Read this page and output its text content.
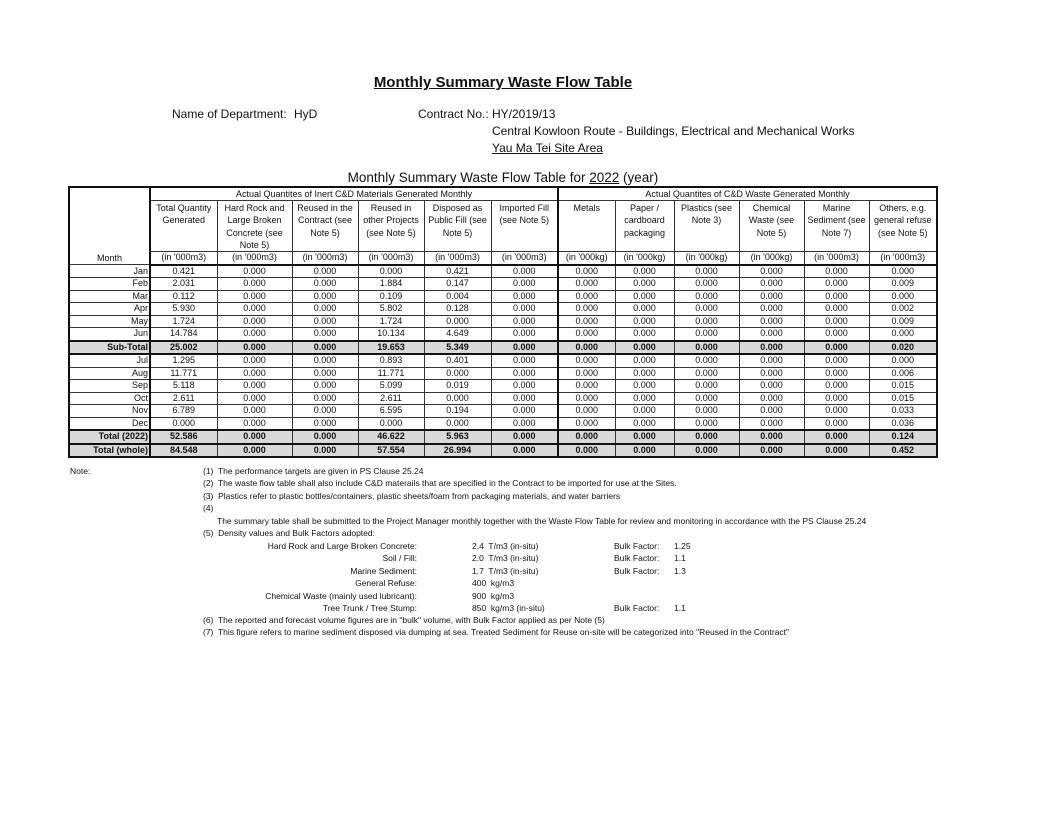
Monthly Summary Waste Flow Table
Name of Department: HyD	Contract No.: HY/2019/13
Central Kowloon Route - Buildings, Electrical and Mechanical Works
Yau Ma Tei Site Area
Monthly Summary Waste Flow Table for 2022 (year)
Month	Actual Quantites of Inert C&D Materials Generated Monthly						Actual Quantites of C&D Waste Generated Monthly					
	Total Quantity Generated	Hard Rock and Large Broken Concrete (see Note 5)	Reused in the Contract (see Note 5)	Reused in other Projects (see Note 5)	Disposed as Public Fill (see Note 5)	Imported Fill (see Note 5)	Metals	Paper / cardboard packaging	Plastics (see Note 3)	Chemical Waste (see Note 5)	Marine Sediment (see Note 7)	Others, e.g. general refuse (see Note 5)
	(in '000m3)	(in '000m3)	(in '000m3)	(in '000m3)	(in '000m3)	(in '000m3)	(in '000kg)	(in '000kg)	(in '000kg)	(in '000kg)	(in '000m3)	(in '000m3)
Jan	0.421	0.000	0.000	0.000	0.421	0.000	0.000	0.000	0.000	0.000	0.000	0.000
Feb	2.031	0.000	0.000	1.884	0.147	0.000	0.000	0.000	0.000	0.000	0.000	0.009
Mar	0.112	0.000	0.000	0.109	0.004	0.000	0.000	0.000	0.000	0.000	0.000	0.000
Apr	5.930	0.000	0.000	5.802	0.128	0.000	0.000	0.000	0.000	0.000	0.000	0.002
May	1.724	0.000	0.000	1.724	0.000	0.000	0.000	0.000	0.000	0.000	0.000	0.009
Jun	14.784	0.000	0.000	10.134	4.649	0.000	0.000	0.000	0.000	0.000	0.000	0.000
Sub-Total	25.002	0.000	0.000	19.653	5.349	0.000	0.000	0.000	0.000	0.000	0.000	0.020
Jul	1.295	0.000	0.000	0.893	0.401	0.000	0.000	0.000	0.000	0.000	0.000	0.000
Aug	11.771	0.000	0.000	11.771	0.000	0.000	0.000	0.000	0.000	0.000	0.000	0.006
Sep	5.118	0.000	0.000	5.099	0.019	0.000	0.000	0.000	0.000	0.000	0.000	0.015
Oct	2.611	0.000	0.000	2.611	0.000	0.000	0.000	0.000	0.000	0.000	0.000	0.015
Nov	6.789	0.000	0.000	6.595	0.194	0.000	0.000	0.000	0.000	0.000	0.000	0.033
Dec	0.000	0.000	0.000	0.000	0.000	0.000	0.000	0.000	0.000	0.000	0.000	0.036
Total (2022)	52.586	0.000	0.000	46.622	5.963	0.000	0.000	0.000	0.000	0.000	0.000	0.124
Total (whole)	84.548	0.000	0.000	57.554	26.994	0.000	0.000	0.000	0.000	0.000	0.000	0.452
Note:	(1)  The performance targets are given in PS Clause 25.24
(2)  The waste flow table shall also include C&D materails that are specified in the Contract to be imported for use at the Sites.
(3)  Plastics refer to plastic bottles/containers, plastic sheets/foam from packaging materials, and water barriers
(4)
The summary table shall be submitted to the Project Manager monthly together with the Waste Flow Table for review and monitoring in accordance with the PS Clause 25.24
(5)  Density values and Bulk Factors adopted:
Hard Rock and Large Broken Concrete:	2.4  T/m3 (in-situ)	Bulk Factor: 1.25
Soil / Fill:	2.0  T/m3 (in-situ)	Bulk Factor: 1.1
Marine Sediment:	1.7  T/m3 (in-situ)	Bulk Factor: 1.3
General Refuse:	400  kg/m3
Chemical Waste (mainly used lubricant):	900  kg/m3
Tree Trunk / Tree Stump:	850  kg/m3 (in-situ)	Bulk Factor: 1.1
(6)  The reported and forecast volume figures are in "bulk" volume, with Bulk Factor applied as per Note (5)
(7)  This figure refers to marine sediment disposed via dumping at sea. Treated Sediment for Reuse on-site will be categorized into "Reused in the Contract"
